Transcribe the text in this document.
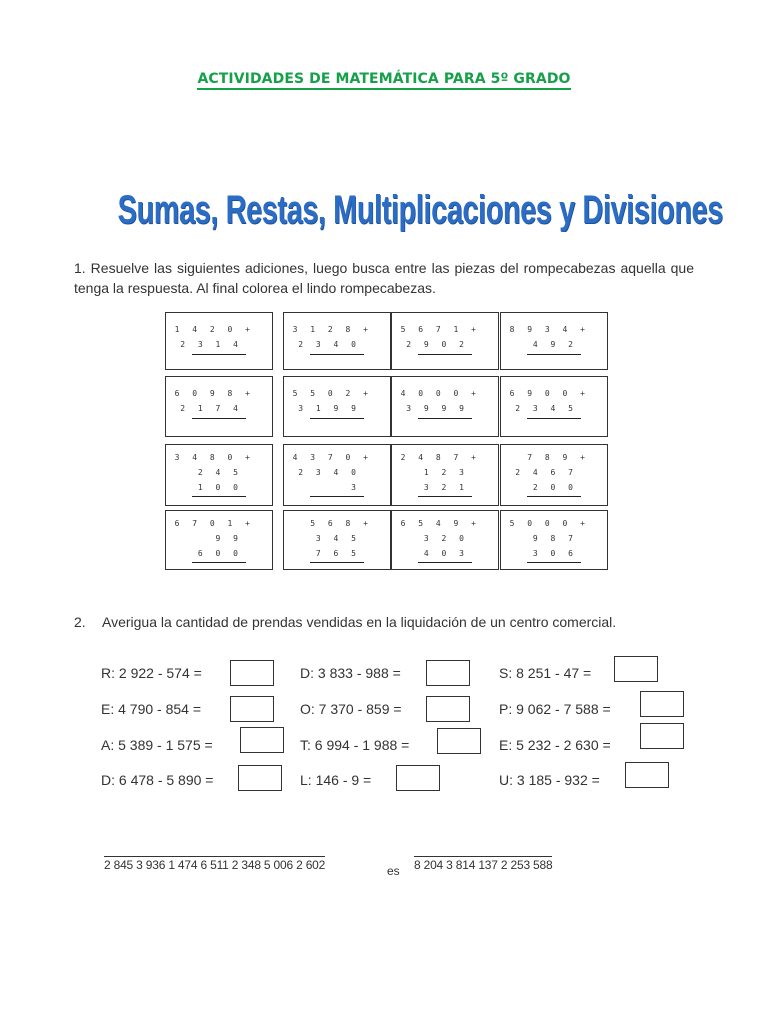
ACTIVIDADES DE MATEMÁTICA PARA 5º GRADO
Sumas, Restas, Multiplicaciones y Divisiones
1. Resuelve las siguientes adiciones, luego busca entre las piezas del rompecabezas aquella que tenga la respuesta. Al final colorea el lindo rompecabezas.
1 4 2 0 +
2 3 1 4
3 1 2 8 +
2 3 4 0
5 6 7 1 +
2 9 0 2
8 9 3 4 +
4 9 2
6 0 9 8 +
2 1 7 4
5 5 0 2 +
3 1 9 9
4 0 0 0 +
3 9 9 9
6 9 0 0 +
2 3 4 5
3 4 8 0 +
2 4 5
1 0 0
4 3 7 0 +
2 3 4 0
3
2 4 8 7 +
1 2 3
3 2 1
7 8 9 +
2 4 6 7
2 0 0
6 7 0 1 +
9 9
6 0 0
5 6 8 +
3 4 5
7 6 5
6 5 4 9 +
3 2 0
4 0 3
5 0 0 0 +
9 8 7
3 0 6
2. Averigua la cantidad de prendas vendidas en la liquidación de un centro comercial.
R: 2 922 - 574 =	D: 3 833 - 988 =	S: 8 251 - 47 =
E: 4 790 - 854 =	O: 7 370 - 859 =	P: 9 062 - 7 588 =
A: 5 389 - 1 575 =	T: 6 994 - 1 988 =	E: 5 232 - 2 630 =
D: 6 478 - 5 890 =	L: 146 - 9 =	U: 3 185 - 932 =
2 845 3 936 1 474 6 511 2 348 5 006 2 602	es 8 204 3 814 137 2 253 588
